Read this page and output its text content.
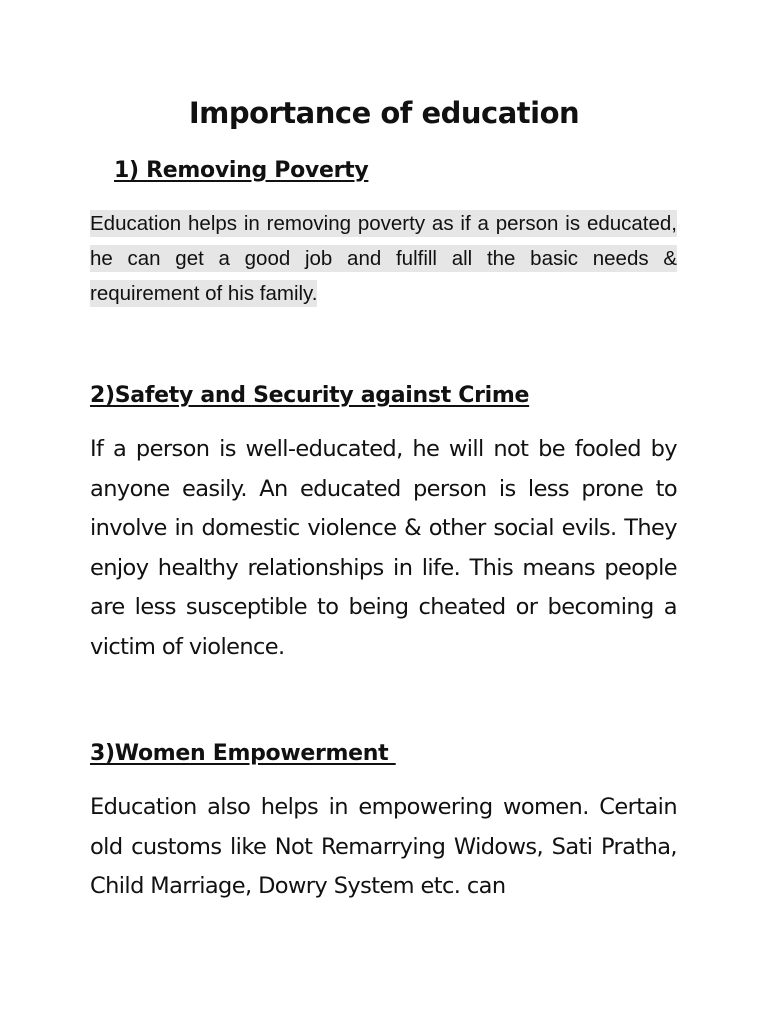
Importance of education
1) Removing Poverty
Education helps in removing poverty as if a person is educated, he can get a good job and fulfill all the basic needs & requirement of his family.
2)Safety and Security against Crime
If a person is well-educated, he will not be fooled by anyone easily. An educated person is less prone to involve in domestic violence & other social evils. They enjoy healthy relationships in life. This means people are less susceptible to being cheated or becoming a victim of violence.
3)Women Empowerment
Education also helps in empowering women. Certain old customs like Not Remarrying Widows, Sati Pratha, Child Marriage, Dowry System etc. can
